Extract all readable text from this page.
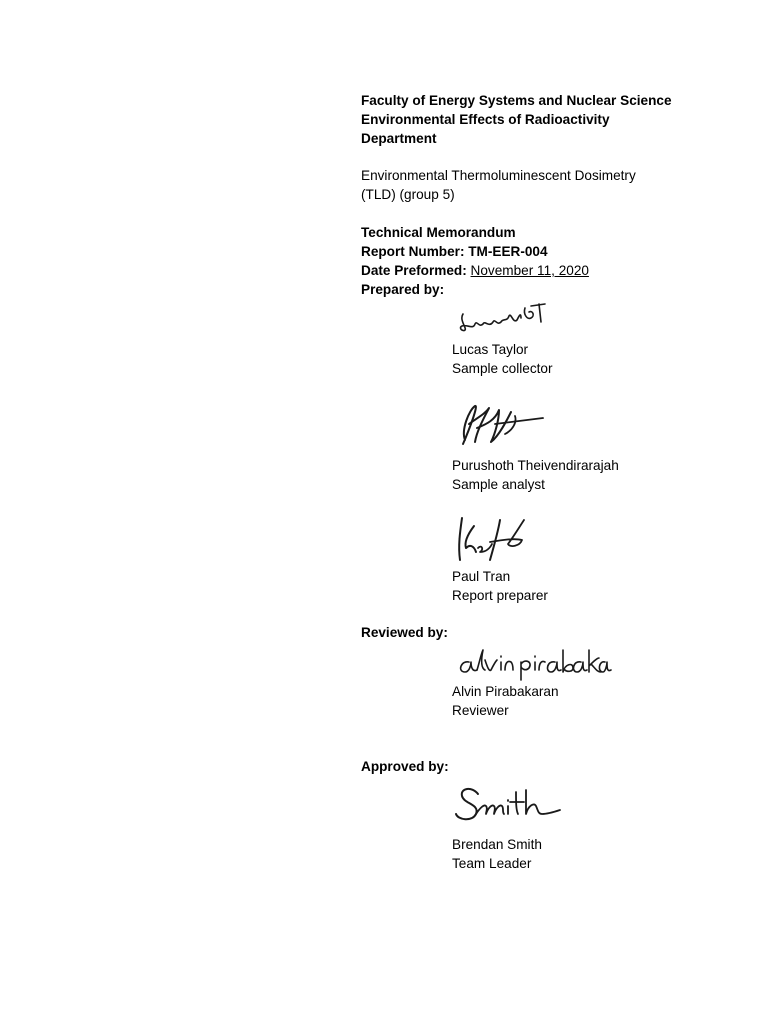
Faculty of Energy Systems and Nuclear Science
Environmental Effects of Radioactivity
Department
Environmental Thermoluminescent Dosimetry
(TLD) (group 5)
Technical Memorandum
Report Number: TM-EER-004
Date Preformed: November 11, 2020
Prepared by:
Lucas Taylor
Sample collector
Purushoth Theivendirarajah
Sample analyst
Paul Tran
Report preparer
Reviewed by:
Alvin Pirabakaran
Reviewer
Approved by:
Brendan Smith
Team Leader
